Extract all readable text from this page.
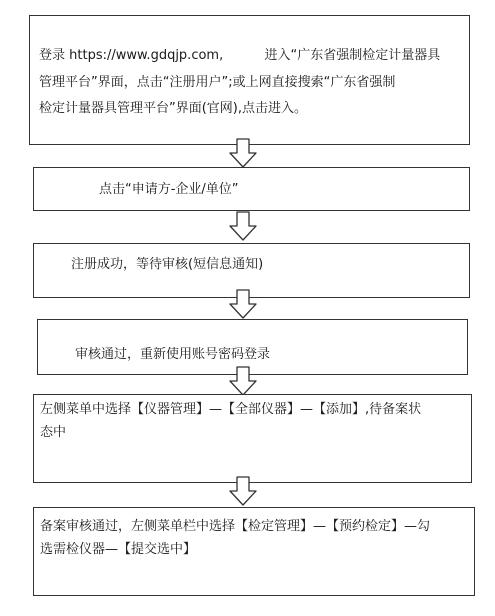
登录 https://www.gdqjp.com,          进入“广东省强制检定计量器具

管理平台”界面，点击“注册用户”;或上网直接搜索“广东省强制

检定计量器具管理平台”界面(官网),点击进入。

点击“申请方-企业/单位”

注册成功，等待审核(短信息通知)

审核通过，重新使用账号密码登录

左侧菜单中选择【仪器管理】—【全部仪器】—【添加】,待备案状

态中

备案审核通过，左侧菜单栏中选择【检定管理】—【预约检定】—勾

选需检仪器—【提交选中】
